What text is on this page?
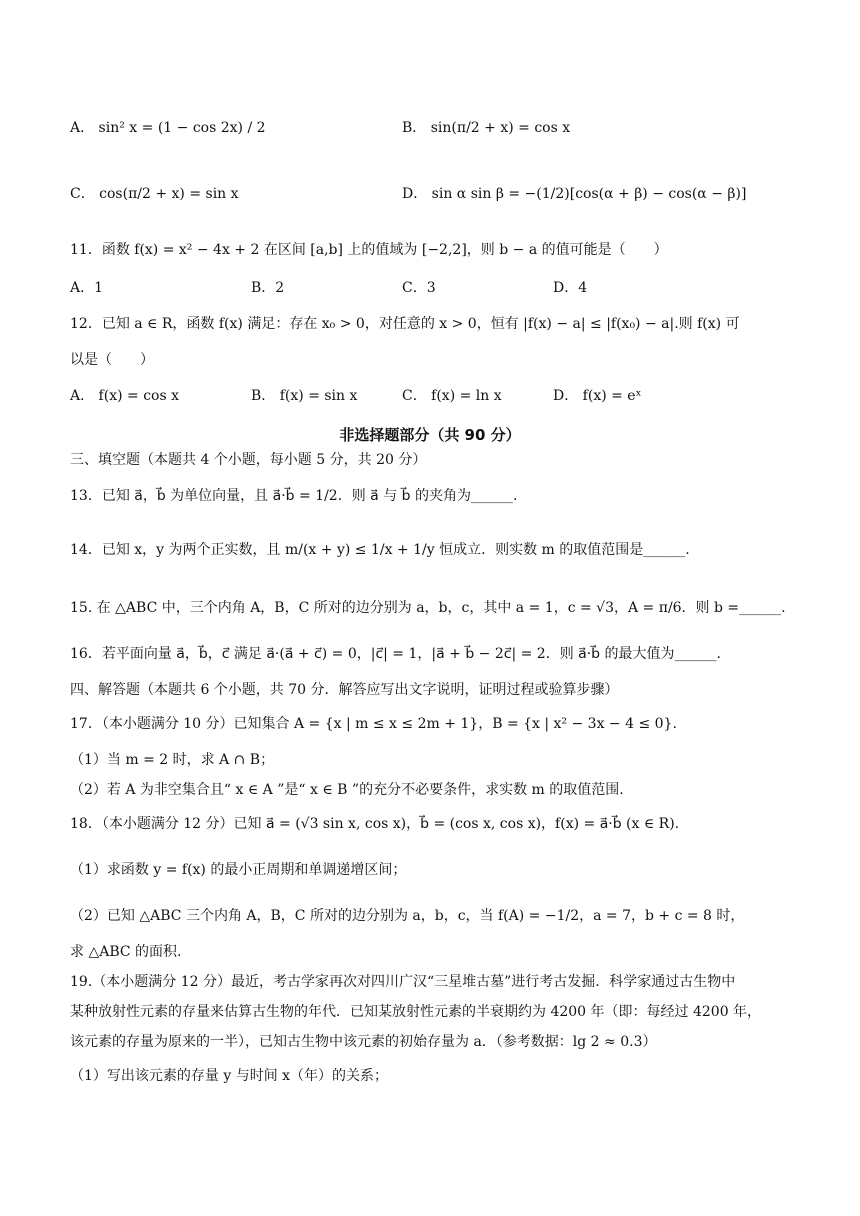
A． sin² x = (1 − cos 2x) / 2	B． sin(π/2 + x) = cos x
C． cos(π/2 + x) = sin x	D． sin α sin β = −(1/2)[cos(α + β) − cos(α − β)]
11．函数 f(x) = x² − 4x + 2 在区间 [a,b] 上的值域为 [−2,2]，则 b − a 的值可能是（　　）
A．1	B．2	C．3	D．4
12．已知 a ∈ R，函数 f(x) 满足：存在 x₀ > 0，对任意的 x > 0，恒有 |f(x) − a| ≤ |f(x₀) − a|.则 f(x) 可
以是（　　）
A． f(x) = cos x	B． f(x) = sin x	C． f(x) = ln x	D． f(x) = eˣ
非选择题部分（共 90 分）
三、填空题（本题共 4 个小题，每小题 5 分，共 20 分）
13．已知 a⃗，b⃗ 为单位向量，且 a⃗·b⃗ = 1/2．则 a⃗ 与 b⃗ 的夹角为______.
14．已知 x，y 为两个正实数，且 m/(x + y) ≤ 1/x + 1/y 恒成立．则实数 m 的取值范围是______.
15. 在 △ABC 中，三个内角 A，B，C 所对的边分别为 a，b，c，其中 a = 1，c = √3，A = π/6．则 b =______.
16．若平面向量 a⃗，b⃗，c⃗ 满足 a⃗·(a⃗ + c⃗) = 0，|c⃗| = 1，|a⃗ + b⃗ − 2c⃗| = 2．则 a⃗·b⃗ 的最大值为______.
四、解答题（本题共 6 个小题，共 70 分．解答应写出文字说明，证明过程或验算步骤）
17．（本小题满分 10 分）已知集合 A = {x | m ≤ x ≤ 2m + 1}，B = {x | x² − 3x − 4 ≤ 0}.
（1）当 m = 2 时，求 A ∩ B；
（2）若 A 为非空集合且“ x ∈ A ”是“ x ∈ B ”的充分不必要条件，求实数 m 的取值范围.
18．（本小题满分 12 分）已知 a⃗ = (√3 sin x, cos x)，b⃗ = (cos x, cos x)，f(x) = a⃗·b⃗ (x ∈ R).
（1）求函数 y = f(x) 的最小正周期和单调递增区间；
（2）已知 △ABC 三个内角 A，B，C 所对的边分别为 a，b，c，当 f(A) = −1/2，a = 7，b + c = 8 时，
求 △ABC 的面积.
19.（本小题满分 12 分）最近，考古学家再次对四川广汉“三星堆古墓”进行考古发掘．科学家通过古生物中
某种放射性元素的存量来估算古生物的年代．已知某放射性元素的半衰期约为 4200 年（即：每经过 4200 年，
该元素的存量为原来的一半），已知古生物中该元素的初始存量为 a．（参考数据：lg 2 ≈ 0.3）
（1）写出该元素的存量 y 与时间 x（年）的关系；
